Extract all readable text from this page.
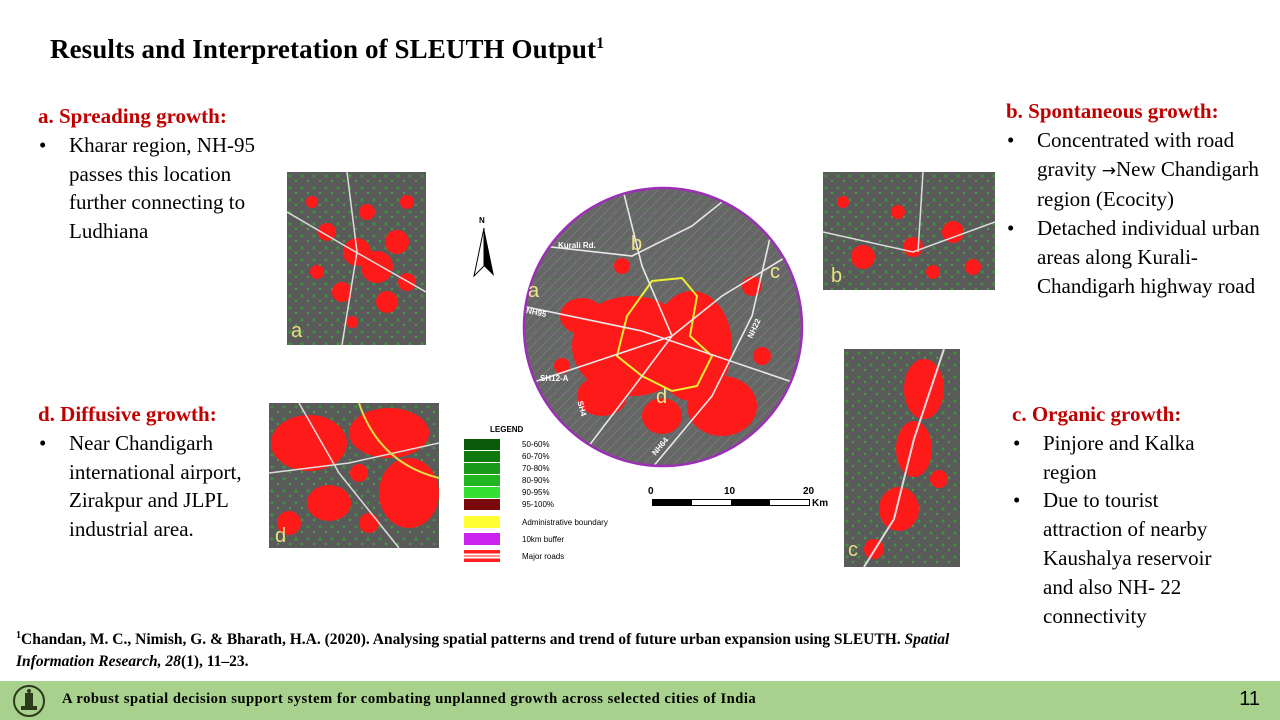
Results and Interpretation of SLEUTH Output$^1$
a. Spreading growth:
• Kharar region, NH-95 passes this location further connecting to Ludhiana
b. Spontaneous growth:
• Concentrated with road gravity →New Chandigarh region (Ecocity)
• Detached individual urban areas along Kurali-Chandigarh highway road
c. Organic growth:
• Pinjore and Kalka region
• Due to tourist attraction of nearby Kaushalya reservoir and also NH- 22 connectivity
d. Diffusive growth:
• Near Chandigarh international airport, Zirakpur and JLPL industrial area.
a
d
b
c
N
a
b
c
d
Kurali Rd.
NH95
SH12-A
SH4
NH64
NH22
LEGEND
50-60%
60-70%
70-80%
80-90%
90-95%
95-100%
Administrative boundary
10km buffer
Major roads
0	10	20
Km
$^1$Chandan, M. C., Nimish, G. & Bharath, H.A. (2020). Analysing spatial patterns and trend of future urban expansion using SLEUTH. Spatial Information Research, 28(1), 11–23.
A robust spatial decision support system for combating unplanned growth across selected cities of India	11
